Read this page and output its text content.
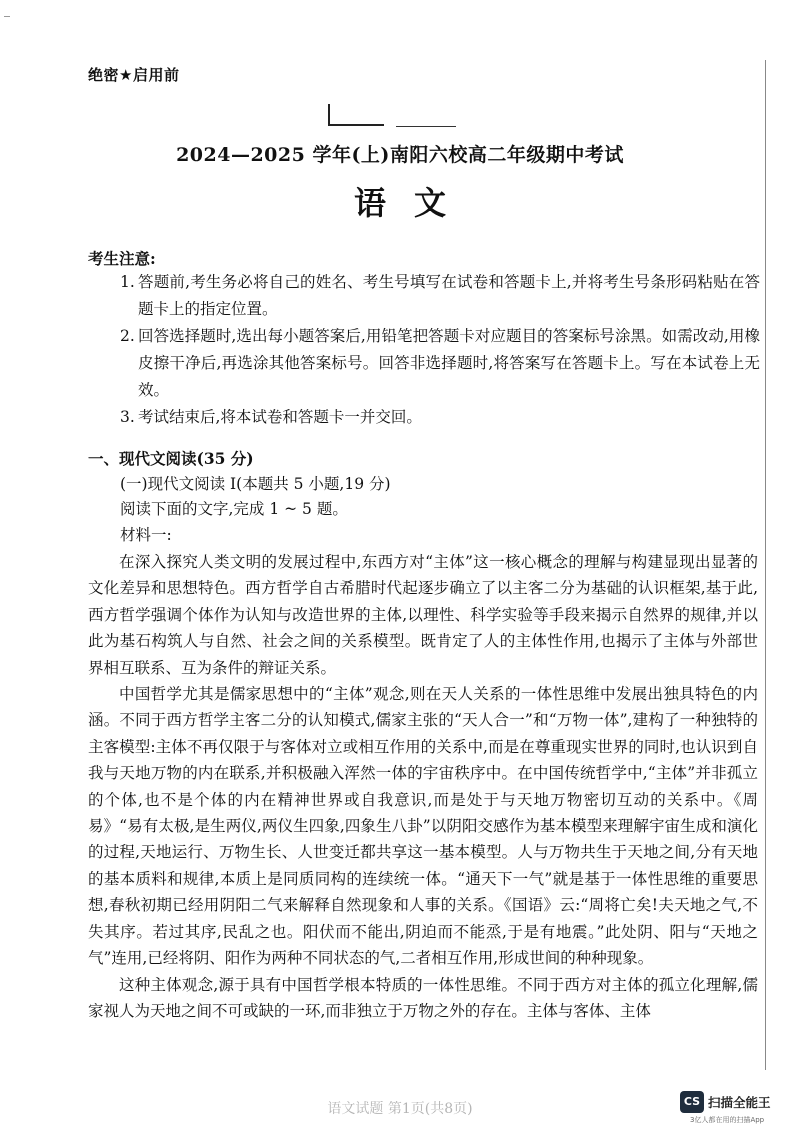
绝密★启用前
2024—2025 学年(上)南阳六校高二年级期中考试
语文
考生注意:
1. 答题前,考生务必将自己的姓名、考生号填写在试卷和答题卡上,并将考生号条形码粘贴在答题卡上的指定位置。
2. 回答选择题时,选出每小题答案后,用铅笔把答题卡对应题目的答案标号涂黑。如需改动,用橡皮擦干净后,再选涂其他答案标号。回答非选择题时,将答案写在答题卡上。写在本试卷上无效。
3. 考试结束后,将本试卷和答题卡一并交回。
一、现代文阅读(35 分)
(一)现代文阅读 Ⅰ(本题共 5 小题,19 分)
阅读下面的文字,完成 1 ~ 5 题。
材料一:

在深入探究人类文明的发展过程中,东西方对“主体”这一核心概念的理解与构建显现出显著的文化差异和思想特色。西方哲学自古希腊时代起逐步确立了以主客二分为基础的认识框架,基于此,西方哲学强调个体作为认知与改造世界的主体,以理性、科学实验等手段来揭示自然界的规律,并以此为基石构筑人与自然、社会之间的关系模型。既肯定了人的主体性作用,也揭示了主体与外部世界相互联系、互为条件的辩证关系。

中国哲学尤其是儒家思想中的“主体”观念,则在天人关系的一体性思维中发展出独具特色的内涵。不同于西方哲学主客二分的认知模式,儒家主张的“天人合一”和“万物一体”,建构了一种独特的主客模型:主体不再仅限于与客体对立或相互作用的关系中,而是在尊重现实世界的同时,也认识到自我与天地万物的内在联系,并积极融入浑然一体的宇宙秩序中。在中国传统哲学中,“主体”并非孤立的个体,也不是个体的内在精神世界或自我意识,而是处于与天地万物密切互动的关系中。《周易》“易有太极,是生两仪,两仪生四象,四象生八卦”以阴阳交感作为基本模型来理解宇宙生成和演化的过程,天地运行、万物生长、人世变迁都共享这一基本模型。人与万物共生于天地之间,分有天地的基本质料和规律,本质上是同质同构的连续统一体。“通天下一气”就是基于一体性思维的重要思想,春秋初期已经用阴阳二气来解释自然现象和人事的关系。《国语》云:“周将亡矣!夫天地之气,不失其序。若过其序,民乱之也。阳伏而不能出,阴迫而不能烝,于是有地震。”此处阴、阳与“天地之气”连用,已经将阴、阳作为两种不同状态的气,二者相互作用,形成世间的种种现象。

这种主体观念,源于具有中国哲学根本特质的一体性思维。不同于西方对主体的孤立化理解,儒家视人为天地之间不可或缺的一环,而非独立于万物之外的存在。主体与客体、主体

语文试题 第1页(共8页)	CS 扫描全能王
3亿人都在用的扫描App
